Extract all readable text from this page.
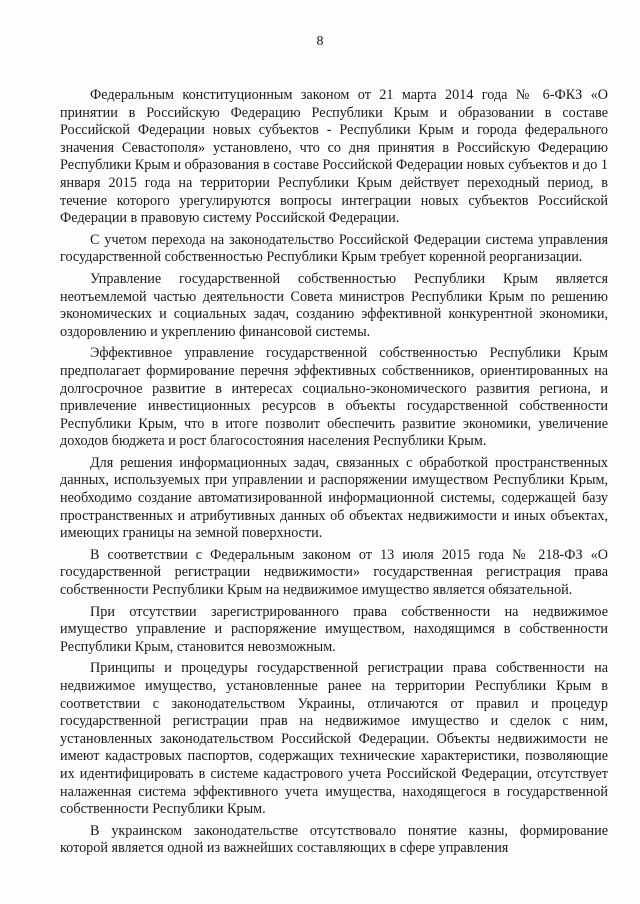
8

Федеральным конституционным законом от 21 марта 2014 года № 6-ФКЗ «О принятии в Российскую Федерацию Республики Крым и образовании в составе Российской Федерации новых субъектов - Республики Крым и города федерального значения Севастополя» установлено, что со дня принятия в Российскую Федерацию Республики Крым и образования в составе Российской Федерации новых субъектов и до 1 января 2015 года на территории Республики Крым действует переходный период, в течение которого урегулируются вопросы интеграции новых субъектов Российской Федерации в правовую систему Российской Федерации.

С учетом перехода на законодательство Российской Федерации система управления государственной собственностью Республики Крым требует коренной реорганизации.

Управление государственной собственностью Республики Крым является неотъемлемой частью деятельности Совета министров Республики Крым по решению экономических и социальных задач, созданию эффективной конкурентной экономики, оздоровлению и укреплению финансовой системы.

Эффективное управление государственной собственностью Республики Крым предполагает формирование перечня эффективных собственников, ориентированных на долгосрочное развитие в интересах социально-экономического развития региона, и привлечение инвестиционных ресурсов в объекты государственной собственности Республики Крым, что в итоге позволит обеспечить развитие экономики, увеличение доходов бюджета и рост благосостояния населения Республики Крым.

Для решения информационных задач, связанных с обработкой пространственных данных, используемых при управлении и распоряжении имуществом Республики Крым, необходимо создание автоматизированной информационной системы, содержащей базу пространственных и атрибутивных данных об объектах недвижимости и иных объектах, имеющих границы на земной поверхности.

В соответствии с Федеральным законом от 13 июля 2015 года № 218-ФЗ «О государственной регистрации недвижимости» государственная регистрация права собственности Республики Крым на недвижимое имущество является обязательной.

При отсутствии зарегистрированного права собственности на недвижимое имущество управление и распоряжение имуществом, находящимся в собственности Республики Крым, становится невозможным.

Принципы и процедуры государственной регистрации права собственности на недвижимое имущество, установленные ранее на территории Республики Крым в соответствии с законодательством Украины, отличаются от правил и процедур государственной регистрации прав на недвижимое имущество и сделок с ним, установленных законодательством Российской Федерации. Объекты недвижимости не имеют кадастровых паспортов, содержащих технические характеристики, позволяющие их идентифицировать в системе кадастрового учета Российской Федерации, отсутствует налаженная система эффективного учета имущества, находящегося в государственной собственности Республики Крым.

В украинском законодательстве отсутствовало понятие казны, формирование которой является одной из важнейших составляющих в сфере управления
